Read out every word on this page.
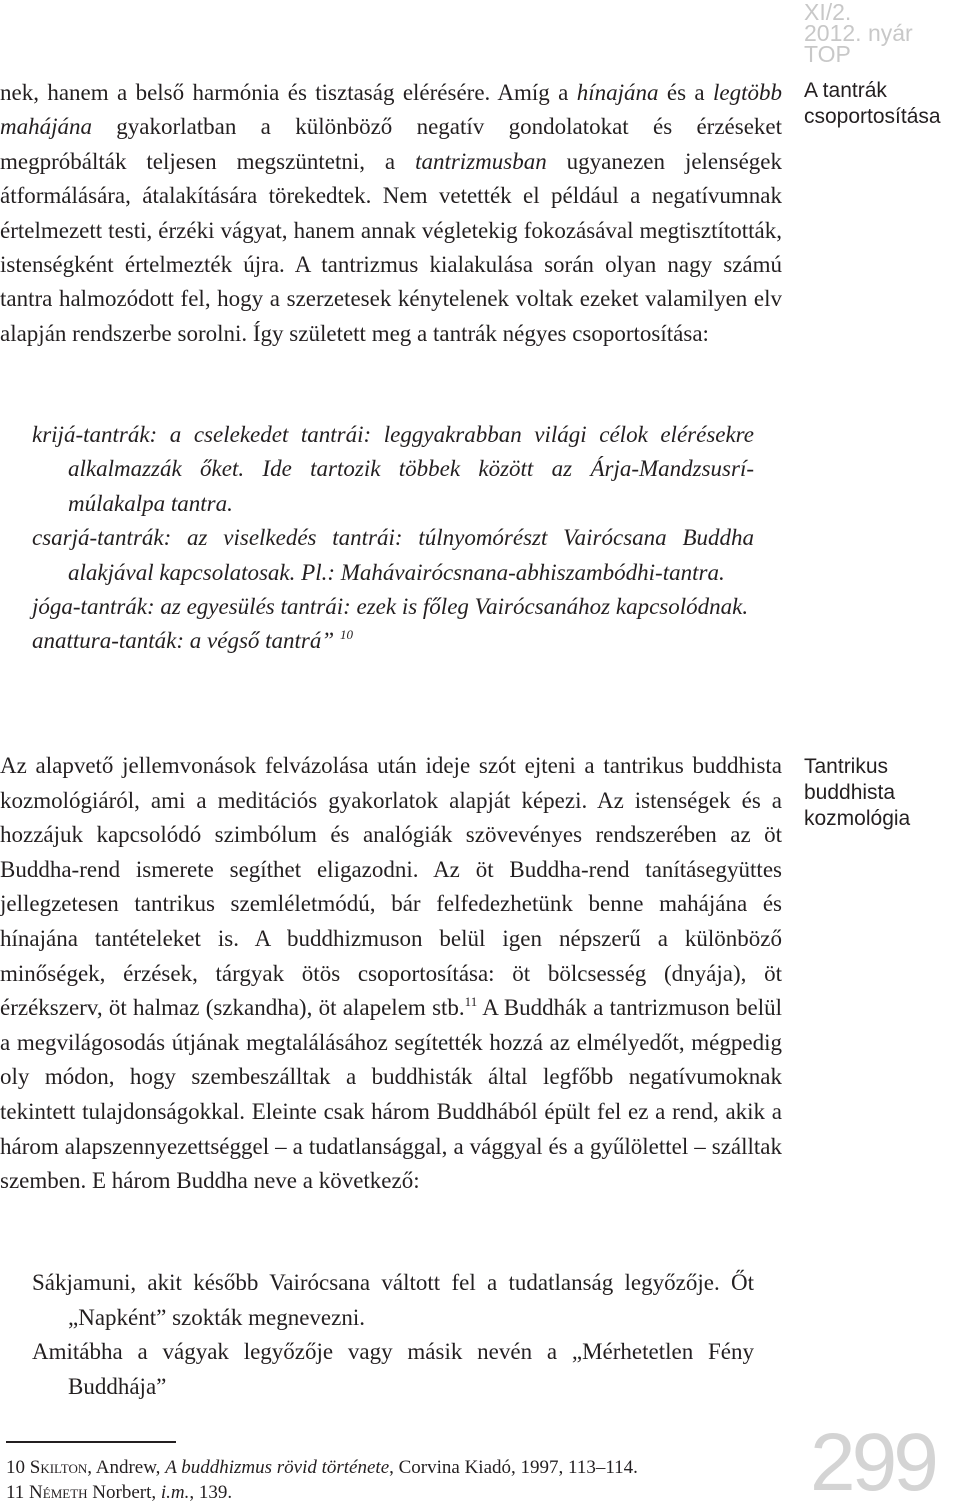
XI/2.
2012. nyár
TOP
A tantrák csoportosítása
Tantrikus buddhista kozmológia

nek, hanem a belső harmónia és tisztaság elérésére. Amíg a hínajána és a legtöbb mahájána gyakorlatban a különböző negatív gondolatokat és érzéseket megpróbálták teljesen megszüntetni, a tantrizmusban ugyanezen jelenségek átformálására, átalakítására törekedtek. Nem vetették el például a negatívumnak értelmezett testi, érzéki vágyat, hanem annak végletekig fokozásával megtisztították, istenségként értelmezték újra. A tantrizmus kialakulása során olyan nagy számú tantra halmozódott fel, hogy a szerzetesek kénytelenek voltak ezeket valamilyen elv alapján rendszerbe sorolni. Így született meg a tantrák négyes csoportosítása:

krijá-tantrák: a cselekedet tantrái: leggyakrabban világi célok elérésekre alkalmazzák őket. Ide tartozik többek között az Árja-Mandzsusrí-múlakalpa tantra.
csarjá-tantrák: az viselkedés tantrái: túlnyomórészt Vairócsana Buddha alakjával kapcsolatosak. Pl.: Mahávairócsnana-abhiszambódhi-tantra.
jóga-tantrák: az egyesülés tantrái: ezek is főleg Vairócsanához kapcsolódnak.
anattura-tanták: a végső tantrá” $^{10}$

Az alapvető jellemvonások felvázolása után ideje szót ejteni a tantrikus buddhista kozmológiáról, ami a meditációs gyakorlatok alapját képezi. Az istenségek és a hozzájuk kapcsolódó szimbólum és analógiák szövevényes rendszerében az öt Buddha-rend ismerete segíthet eligazodni. Az öt Buddha-rend tanításegyüttes jellegzetesen tantrikus szemléletmódú, bár felfedezhetünk benne mahájána és hínajána tantételeket is. A buddhizmuson belül igen népszerű a különböző minőségek, érzések, tárgyak ötös csoportosítása: öt bölcsesség (dnyája), öt érzékszerv, öt halmaz (szkandha), öt alapelem stb.$^{11}$ A Buddhák a tantrizmuson belül a megvilágosodás útjának megtalálásához segítették hozzá az elmélyedőt, mégpedig oly módon, hogy szembeszálltak a buddhisták által legfőbb negatívumoknak tekintett tulajdonságokkal. Eleinte csak három Buddhából épült fel ez a rend, akik a három alapszennyezettséggel – a tudatlansággal, a vággyal és a gyűlölettel – szálltak szemben. E három Buddha neve a következő:

Sákjamuni, akit később Vairócsana váltott fel a tudatlanság legyőzője. Őt „Napként” szokták megnevezni.
Amitábha a vágyak legyőzője vagy másik nevén a „Mérhetetlen Fény Buddhája”
10 Skilton, Andrew, A buddhizmus rövid története, Corvina Kiadó, 1997, 113–114.
11 Németh Norbert, i.m., 139.	299
